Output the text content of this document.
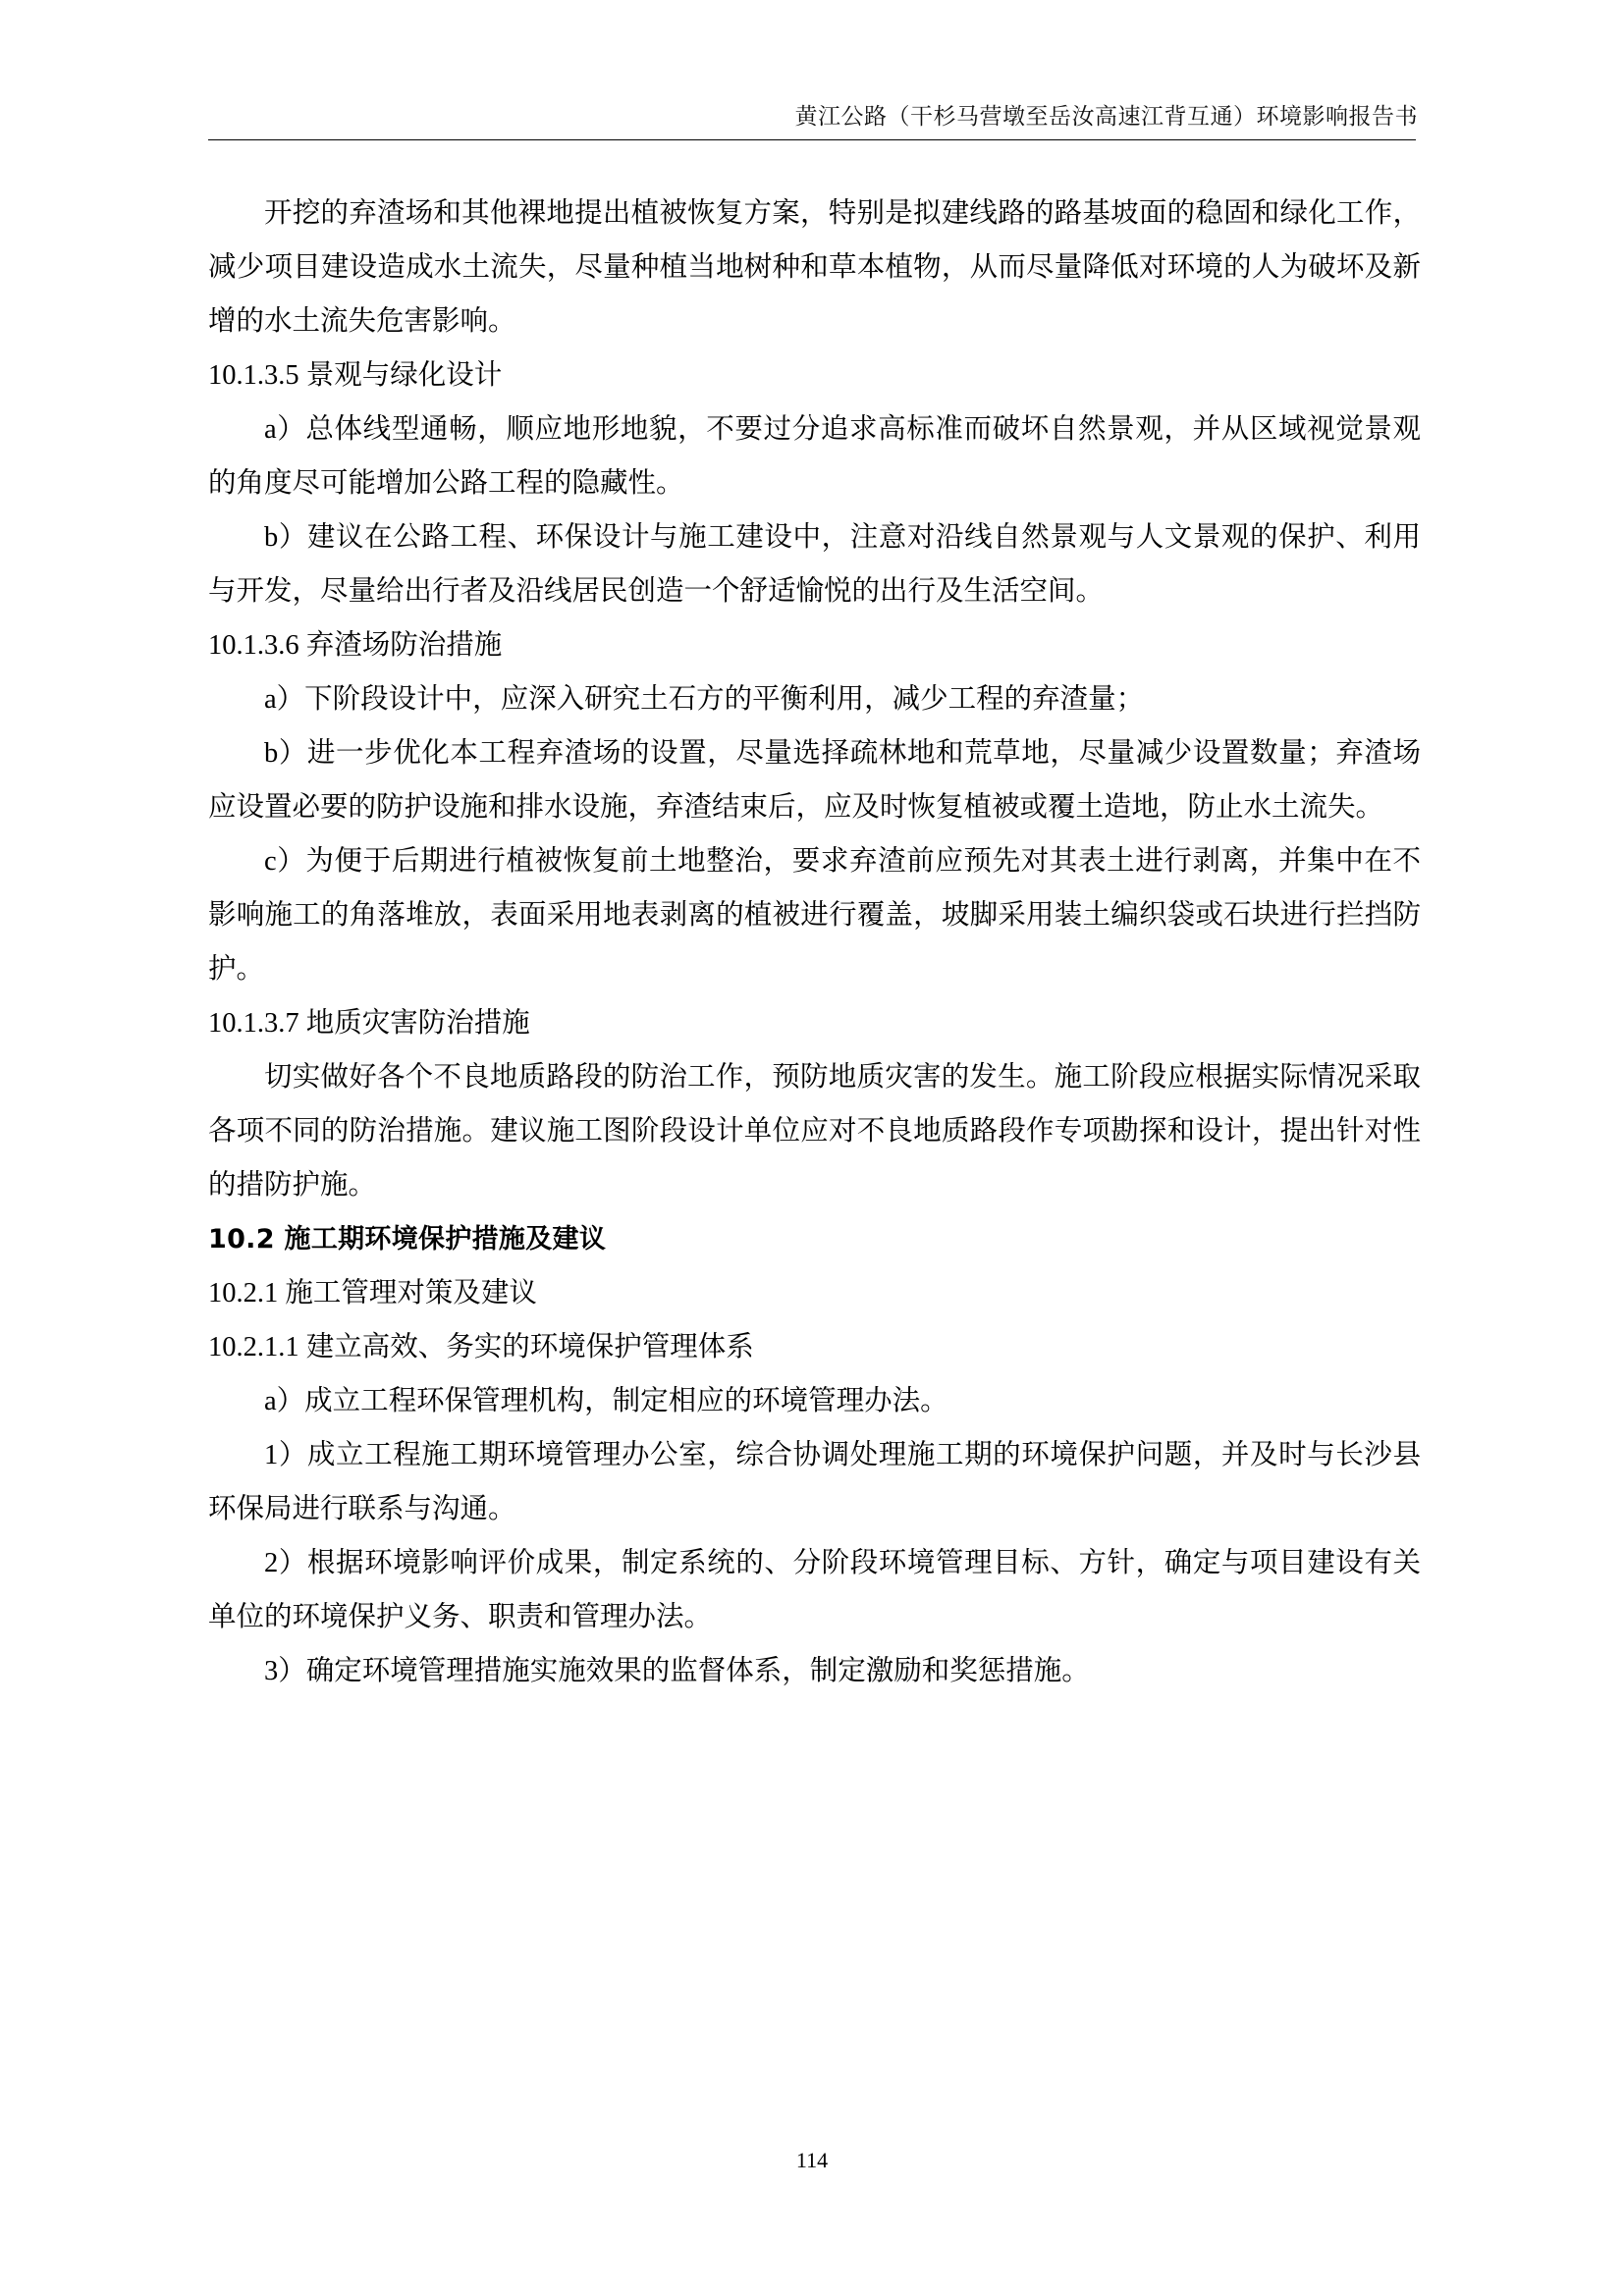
黄江公路（干杉马营墩至岳汝高速江背互通）环境影响报告书

开挖的弃渣场和其他裸地提出植被恢复方案，特别是拟建线路的路基坡面的稳固和绿化工作，减少项目建设造成水土流失，尽量种植当地树种和草本植物，从而尽量降低对环境的人为破坏及新增的水土流失危害影响。

10.1.3.5 景观与绿化设计

a）总体线型通畅，顺应地形地貌，不要过分追求高标准而破坏自然景观，并从区域视觉景观的角度尽可能增加公路工程的隐藏性。

b）建议在公路工程、环保设计与施工建设中，注意对沿线自然景观与人文景观的保护、利用与开发，尽量给出行者及沿线居民创造一个舒适愉悦的出行及生活空间。

10.1.3.6 弃渣场防治措施

a）下阶段设计中，应深入研究土石方的平衡利用，减少工程的弃渣量；

b）进一步优化本工程弃渣场的设置，尽量选择疏林地和荒草地，尽量减少设置数量；弃渣场应设置必要的防护设施和排水设施，弃渣结束后，应及时恢复植被或覆土造地，防止水土流失。

c）为便于后期进行植被恢复前土地整治，要求弃渣前应预先对其表土进行剥离，并集中在不影响施工的角落堆放，表面采用地表剥离的植被进行覆盖，坡脚采用装土编织袋或石块进行拦挡防护。

10.1.3.7 地质灾害防治措施

切实做好各个不良地质路段的防治工作，预防地质灾害的发生。施工阶段应根据实际情况采取各项不同的防治措施。建议施工图阶段设计单位应对不良地质路段作专项勘探和设计，提出针对性的措防护施。

10.2 施工期环境保护措施及建议

10.2.1 施工管理对策及建议

10.2.1.1 建立高效、务实的环境保护管理体系

a）成立工程环保管理机构，制定相应的环境管理办法。

1）成立工程施工期环境管理办公室，综合协调处理施工期的环境保护问题，并及时与长沙县环保局进行联系与沟通。

2）根据环境影响评价成果，制定系统的、分阶段环境管理目标、方针，确定与项目建设有关单位的环境保护义务、职责和管理办法。

3）确定环境管理措施实施效果的监督体系，制定激励和奖惩措施。

114
